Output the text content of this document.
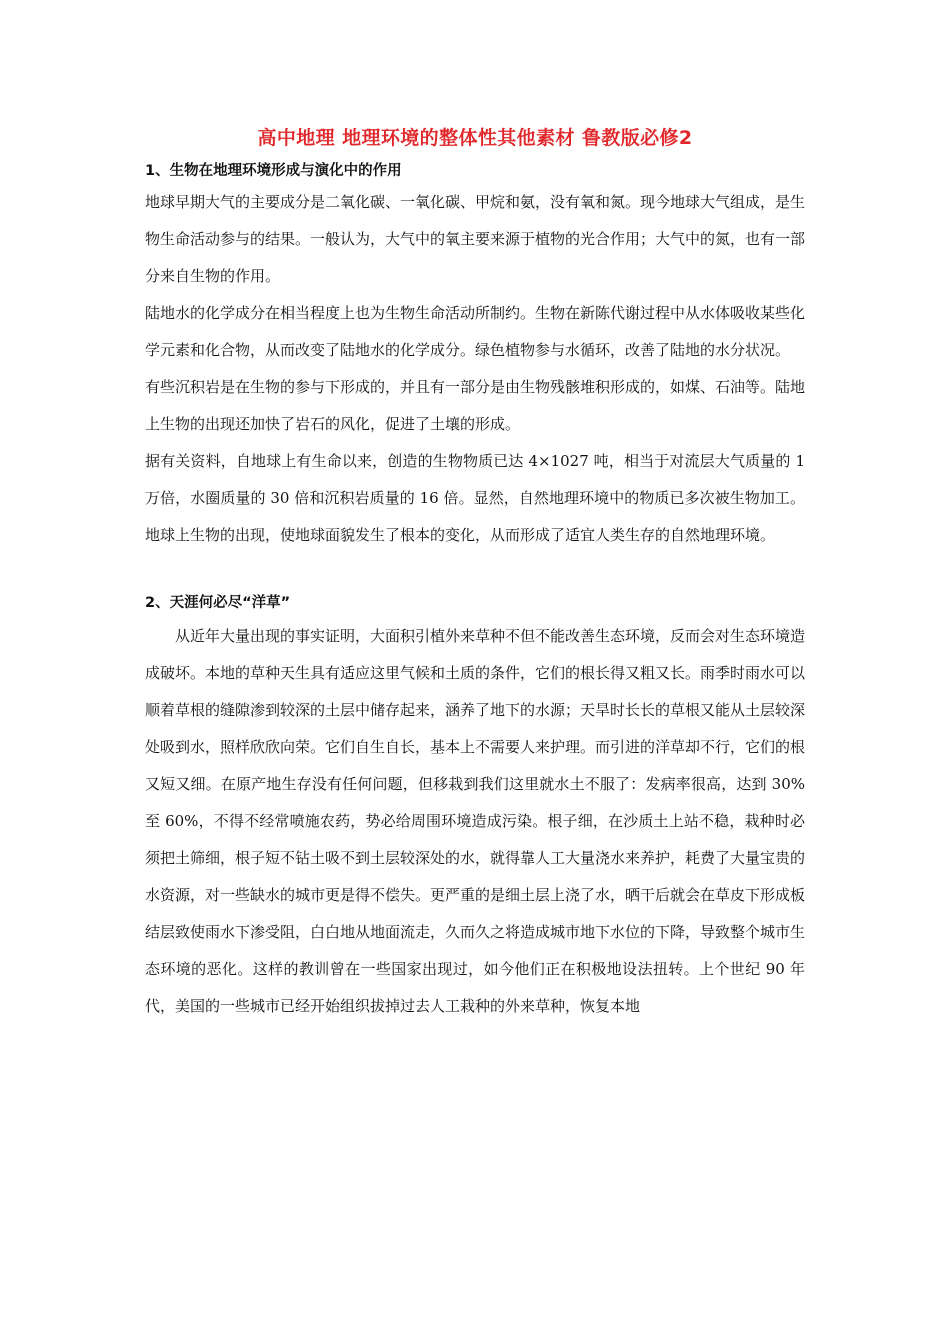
高中地理 地理环境的整体性其他素材 鲁教版必修2
1、生物在地理环境形成与演化中的作用

地球早期大气的主要成分是二氧化碳、一氧化碳、甲烷和氨，没有氧和氮。现今地球大气组成，是生物生命活动参与的结果。一般认为，大气中的氧主要来源于植物的光合作用；大气中的氮，也有一部分来自生物的作用。

陆地水的化学成分在相当程度上也为生物生命活动所制约。生物在新陈代谢过程中从水体吸收某些化学元素和化合物，从而改变了陆地水的化学成分。绿色植物参与水循环，改善了陆地的水分状况。

有些沉积岩是在生物的参与下形成的，并且有一部分是由生物残骸堆积形成的，如煤、石油等。陆地上生物的出现还加快了岩石的风化，促进了土壤的形成。

据有关资料，自地球上有生命以来，创造的生物物质已达 4×1027 吨，相当于对流层大气质量的 1 万倍，水圈质量的 30 倍和沉积岩质量的 16 倍。显然，自然地理环境中的物质已多次被生物加工。地球上生物的出现，使地球面貌发生了根本的变化，从而形成了适宜人类生存的自然地理环境。

2、天涯何必尽“洋草”

从近年大量出现的事实证明，大面积引植外来草种不但不能改善生态环境，反而会对生态环境造成破坏。本地的草种天生具有适应这里气候和土质的条件，它们的根长得又粗又长。雨季时雨水可以顺着草根的缝隙渗到较深的土层中储存起来，涵养了地下的水源；天旱时长长的草根又能从土层较深处吸到水，照样欣欣向荣。它们自生自长，基本上不需要人来护理。而引进的洋草却不行，它们的根又短又细。在原产地生存没有任何问题，但移栽到我们这里就水土不服了：发病率很高，达到 30%至 60%，不得不经常喷施农药，势必给周围环境造成污染。根子细，在沙质土上站不稳，栽种时必须把土筛细，根子短不钻土吸不到土层较深处的水，就得靠人工大量浇水来养护，耗费了大量宝贵的水资源，对一些缺水的城市更是得不偿失。更严重的是细土层上浇了水，晒干后就会在草皮下形成板结层致使雨水下渗受阻，白白地从地面流走，久而久之将造成城市地下水位的下降，导致整个城市生态环境的恶化。这样的教训曾在一些国家出现过，如今他们正在积极地设法扭转。上个世纪 90 年代，美国的一些城市已经开始组织拔掉过去人工栽种的外来草种，恢复本地
